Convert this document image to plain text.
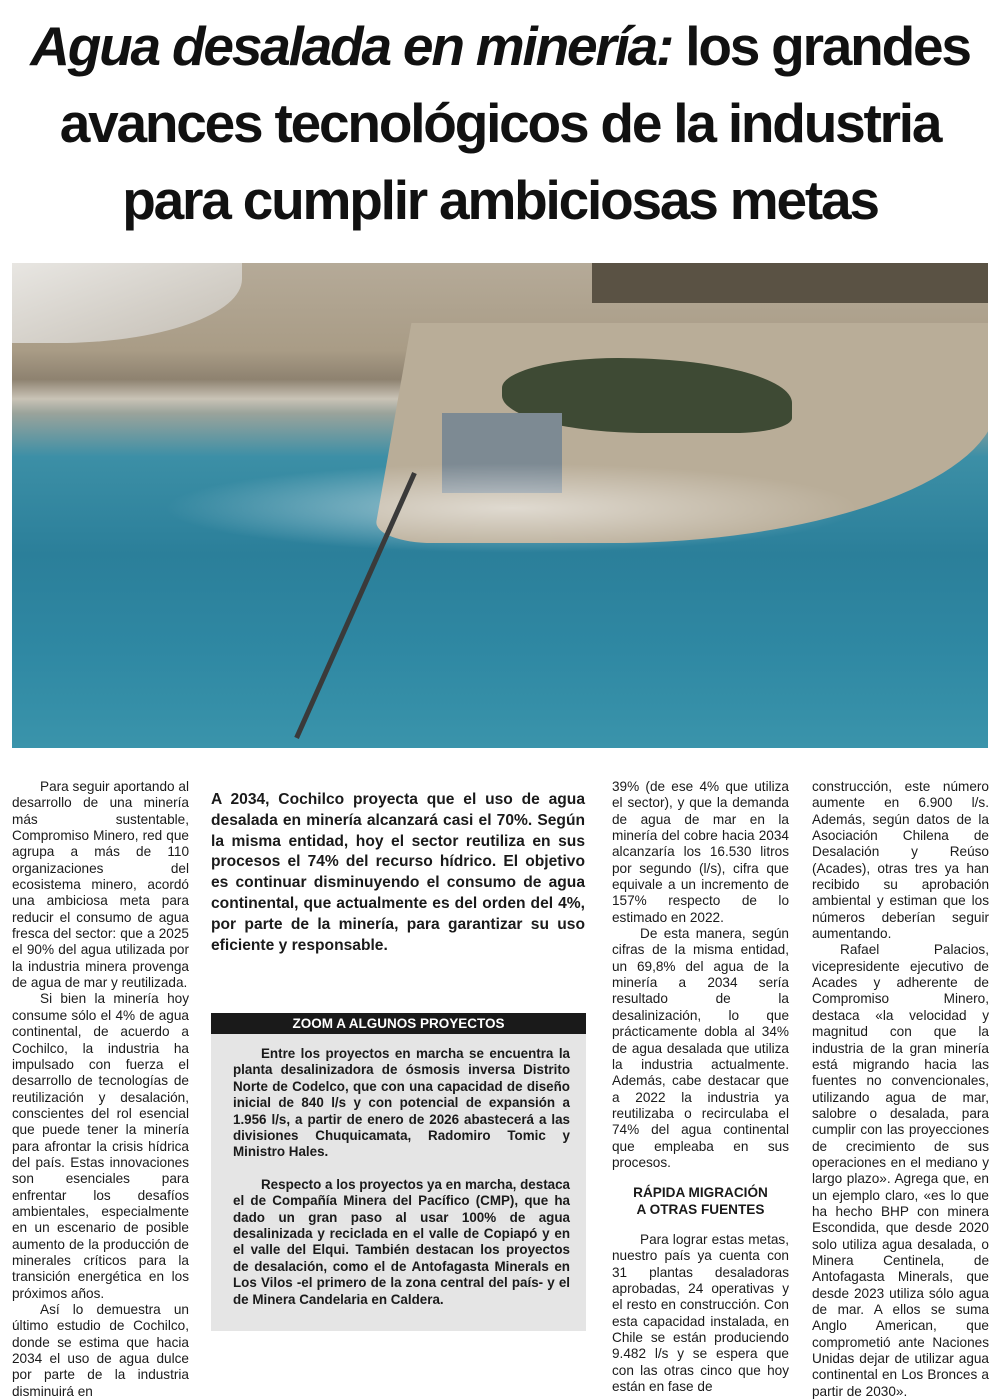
Agua desalada en minería: los grandes
avances tecnológicos de la industria
para cumplir ambiciosas metas

Para seguir aportando al desarrollo de una minería más sustentable, Compromiso Minero, red que agrupa a más de 110 organizaciones del ecosistema minero, acordó una ambiciosa meta para reducir el consumo de agua fresca del sector: que a 2025 el 90% del agua utilizada por la industria minera provenga de agua de mar y reutilizada.

Si bien la minería hoy consume sólo el 4% de agua continental, de acuerdo a Cochilco, la industria ha impulsado con fuerza el desarrollo de tecnologías de reutilización y desalación, conscientes del rol esencial que puede tener la minería para afrontar la crisis hídrica del país. Estas innovaciones son esenciales para enfrentar los desafíos ambientales, especialmente en un escenario de posible aumento de la producción de minerales críticos para la transición energética en los próximos años.

Así lo demuestra un último estudio de Cochilco, donde se estima que hacia 2034 el uso de agua dulce por parte de la industria disminuirá en

A 2034, Cochilco proyecta que el uso de agua desalada en minería alcanzará casi el 70%. Según la misma entidad, hoy el sector reutiliza en sus procesos el 74% del recurso hídrico. El objetivo es continuar disminuyendo el consumo de agua continental, que actualmente es del orden del 4%, por parte de la minería, para garantizar su uso eficiente y responsable.
ZOOM A ALGUNOS PROYECTOS

Entre los proyectos en marcha se encuentra la planta desalinizadora de ósmosis inversa Distrito Norte de Codelco, que con una capacidad de diseño inicial de 840 l/s y con potencial de expansión a 1.956 l/s, a partir de enero de 2026 abastecerá a las divisiones Chuquicamata, Radomiro Tomic y Ministro Hales.

Respecto a los proyectos ya en marcha, destaca el de Compañía Minera del Pacífico (CMP), que ha dado un gran paso al usar 100% de agua desalinizada y reciclada en el valle de Copiapó y en el valle del Elqui. También destacan los proyectos de desalación, como el de Antofagasta Minerals en Los Vilos -el primero de la zona central del país- y el de Minera Candelaria en Caldera.

39% (de ese 4% que utiliza el sector), y que la demanda de agua de mar en la minería del cobre hacia 2034 alcanzaría los 16.530 litros por segundo (l/s), cifra que equivale a un incremento de 157% respecto de lo estimado en 2022.

De esta manera, según cifras de la misma entidad, un 69,8% del agua de la minería a 2034 sería resultado de la desalinización, lo que prácticamente dobla al 34% de agua desalada que utiliza la industria actualmente. Además, cabe destacar que a 2022 la industria ya reutilizaba o recirculaba el 74% del agua continental que empleaba en sus procesos.

RÁPIDA MIGRACIÓN
A OTRAS FUENTES

Para lograr estas metas, nuestro país ya cuenta con 31 plantas desaladoras aprobadas, 24 operativas y el resto en construcción. Con esta capacidad instalada, en Chile se están produciendo 9.482 l/s y se espera que con las otras cinco que hoy están en fase de

construcción, este número aumente en 6.900 l/s. Además, según datos de la Asociación Chilena de Desalación y Reúso (Acades), otras tres ya han recibido su aprobación ambiental y estiman que los números deberían seguir aumentando.

Rafael Palacios, vicepresidente ejecutivo de Acades y adherente de Compromiso Minero, destaca «la velocidad y magnitud con que la industria de la gran minería está migrando hacia las fuentes no convencionales, utilizando agua de mar, salobre o desalada, para cumplir con las proyecciones de crecimiento de sus operaciones en el mediano y largo plazo». Agrega que, en un ejemplo claro, «es lo que ha hecho BHP con minera Escondida, que desde 2020 solo utiliza agua desalada, o Minera Centinela, de Antofagasta Minerals, que desde 2023 utiliza sólo agua de mar. A ellos se suma Anglo American, que comprometió ante Naciones Unidas dejar de utilizar agua continental en Los Bronces a partir de 2030».
